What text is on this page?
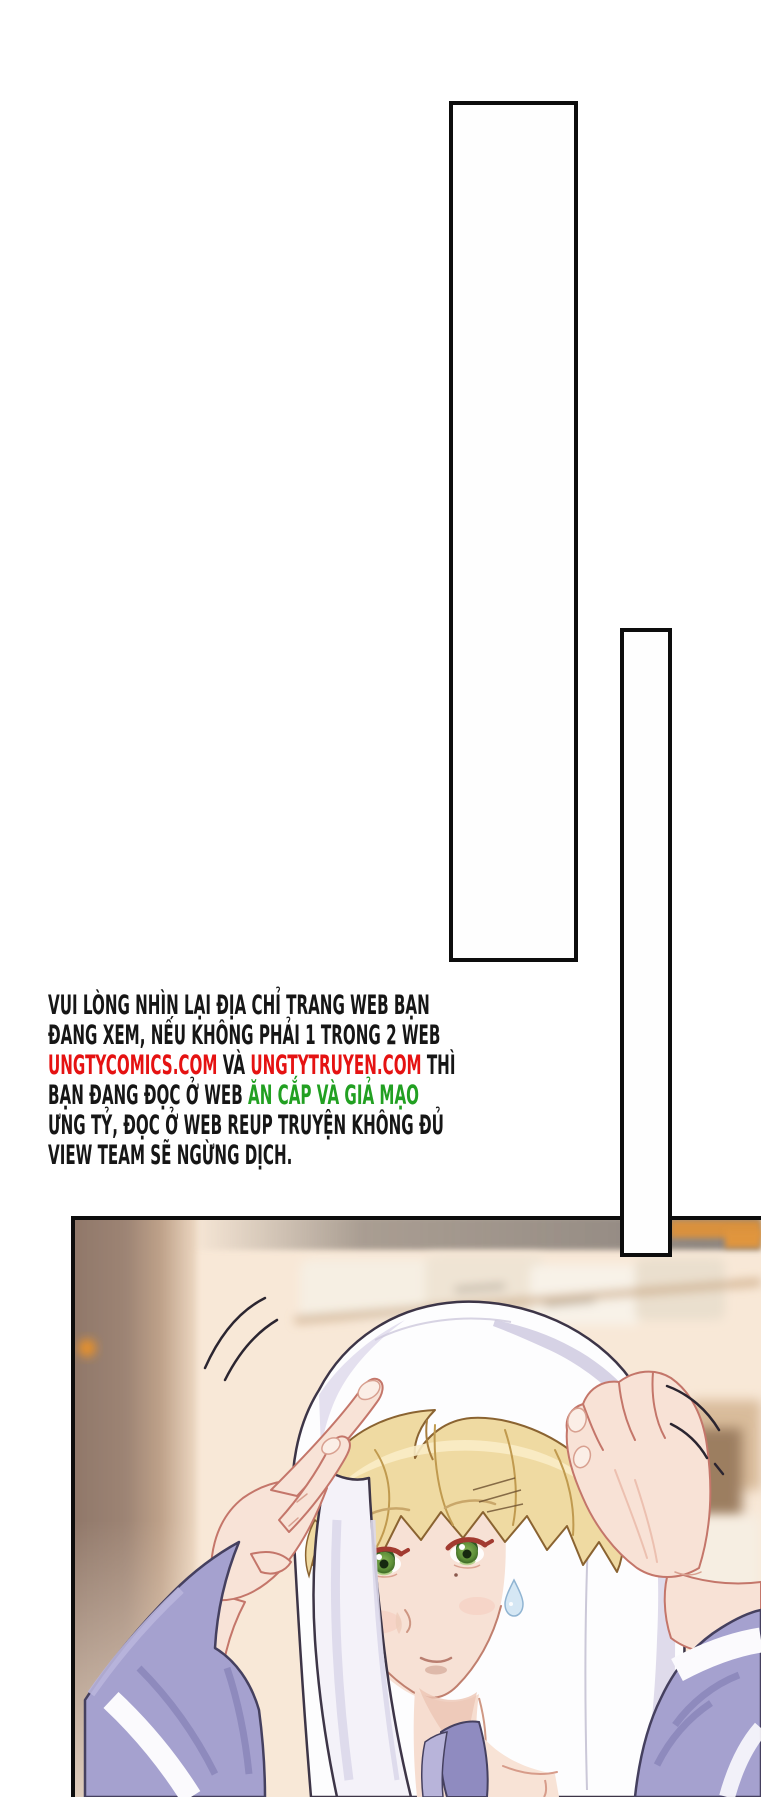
VUI LÒNG NHÌN LẠI ĐỊA CHỈ TRANG WEB BẠN
ĐANG XEM, NẾU KHÔNG PHẢI 1 TRONG 2 WEB
UNGTYCOMICS.COM VÀ UNGTYTRUYEN.COM THÌ
BẠN ĐANG ĐỌC Ở WEB ĂN CẮP VÀ GIẢ MẠO
ƯNG TỶ, ĐỌC Ở WEB REUP TRUYỆN KHÔNG ĐỦ
VIEW TEAM SẼ NGỪNG DỊCH.
